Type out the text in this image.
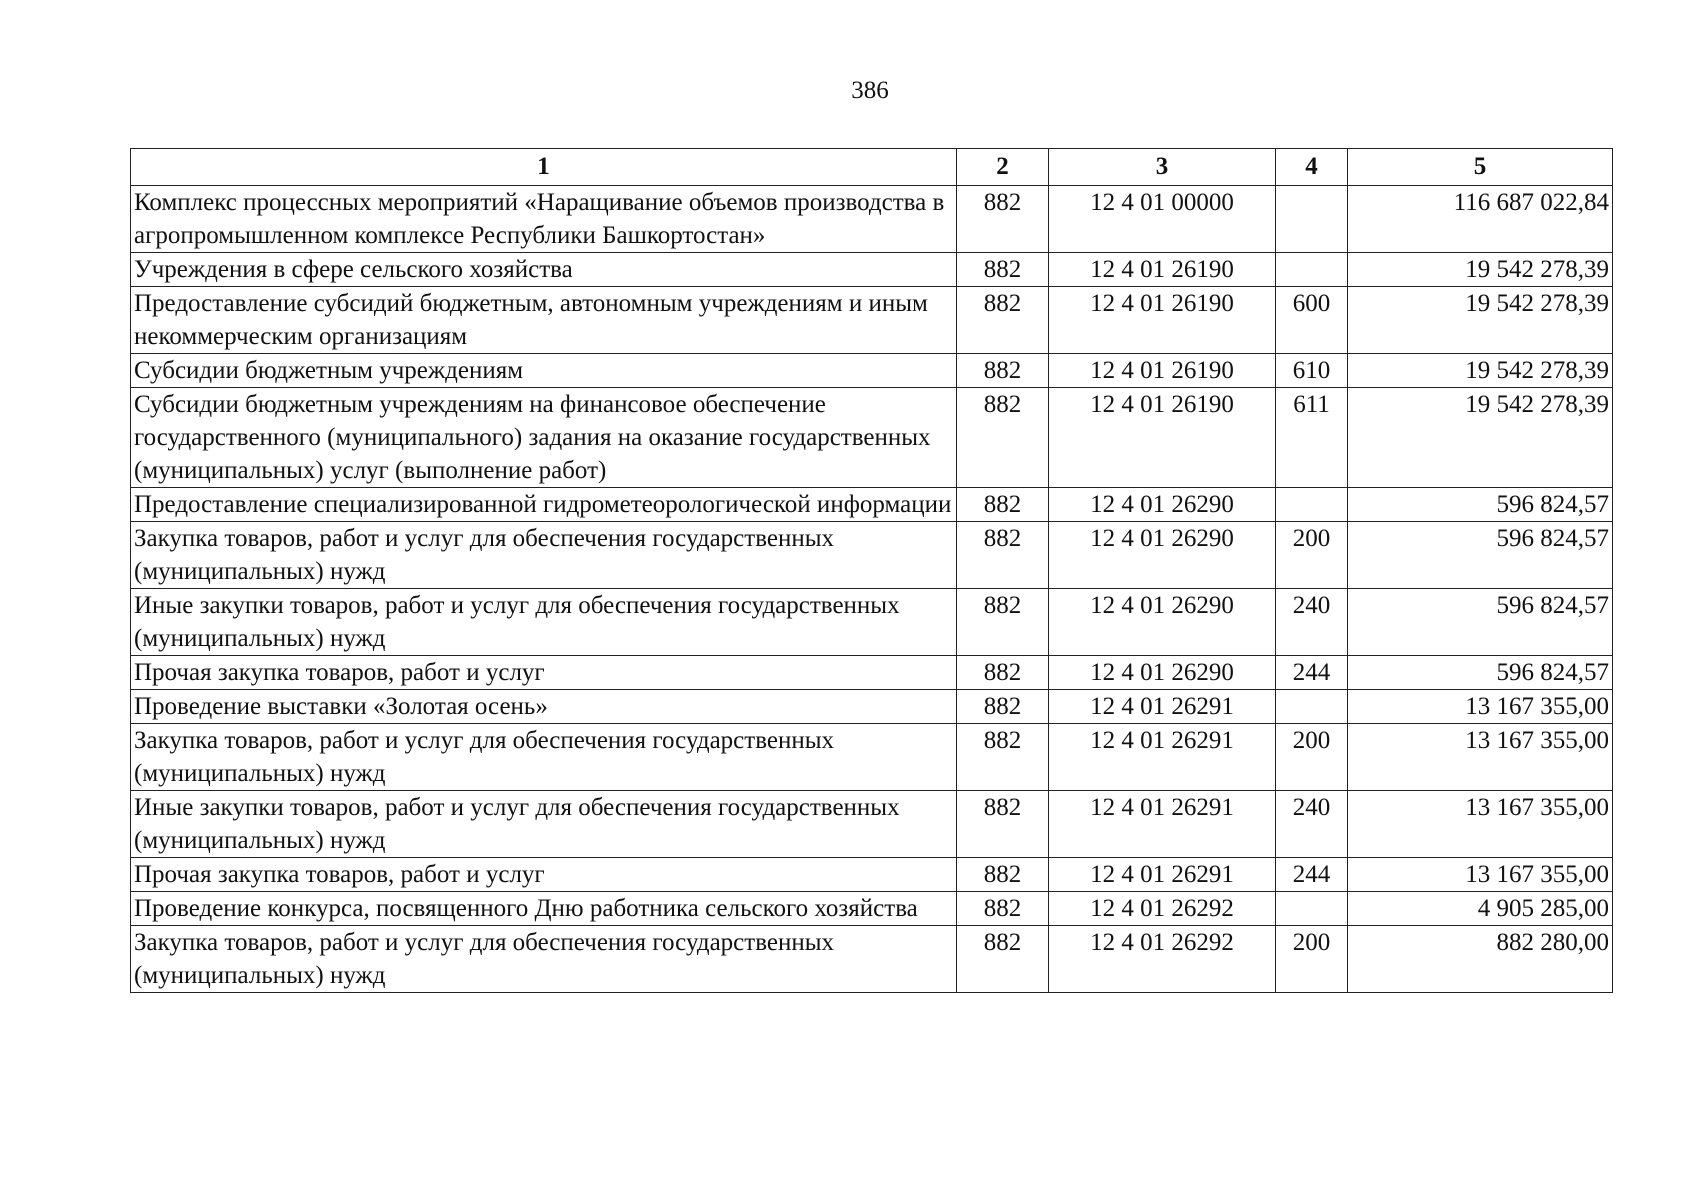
386
1	2	3	4	5
Комплекс процессных мероприятий «Наращивание объемов производства в агропромышленном комплексе Республики Башкортостан»	882	12 4 01 00000		116 687 022,84
Учреждения в сфере сельского хозяйства	882	12 4 01 26190		19 542 278,39
Предоставление субсидий бюджетным, автономным учреждениям и иным некоммерческим организациям	882	12 4 01 26190	600	19 542 278,39
Субсидии бюджетным учреждениям	882	12 4 01 26190	610	19 542 278,39
Субсидии бюджетным учреждениям на финансовое обеспечение государственного (муниципального) задания на оказание государственных (муниципальных) услуг (выполнение работ)	882	12 4 01 26190	611	19 542 278,39
Предоставление специализированной гидрометеорологической информации	882	12 4 01 26290		596 824,57
Закупка товаров, работ и услуг для обеспечения государственных (муниципальных) нужд	882	12 4 01 26290	200	596 824,57
Иные закупки товаров, работ и услуг для обеспечения государственных (муниципальных) нужд	882	12 4 01 26290	240	596 824,57
Прочая закупка товаров, работ и услуг	882	12 4 01 26290	244	596 824,57
Проведение выставки «Золотая осень»	882	12 4 01 26291		13 167 355,00
Закупка товаров, работ и услуг для обеспечения государственных (муниципальных) нужд	882	12 4 01 26291	200	13 167 355,00
Иные закупки товаров, работ и услуг для обеспечения государственных (муниципальных) нужд	882	12 4 01 26291	240	13 167 355,00
Прочая закупка товаров, работ и услуг	882	12 4 01 26291	244	13 167 355,00
Проведение конкурса, посвященного Дню работника сельского хозяйства	882	12 4 01 26292		4 905 285,00
Закупка товаров, работ и услуг для обеспечения государственных (муниципальных) нужд	882	12 4 01 26292	200	882 280,00
